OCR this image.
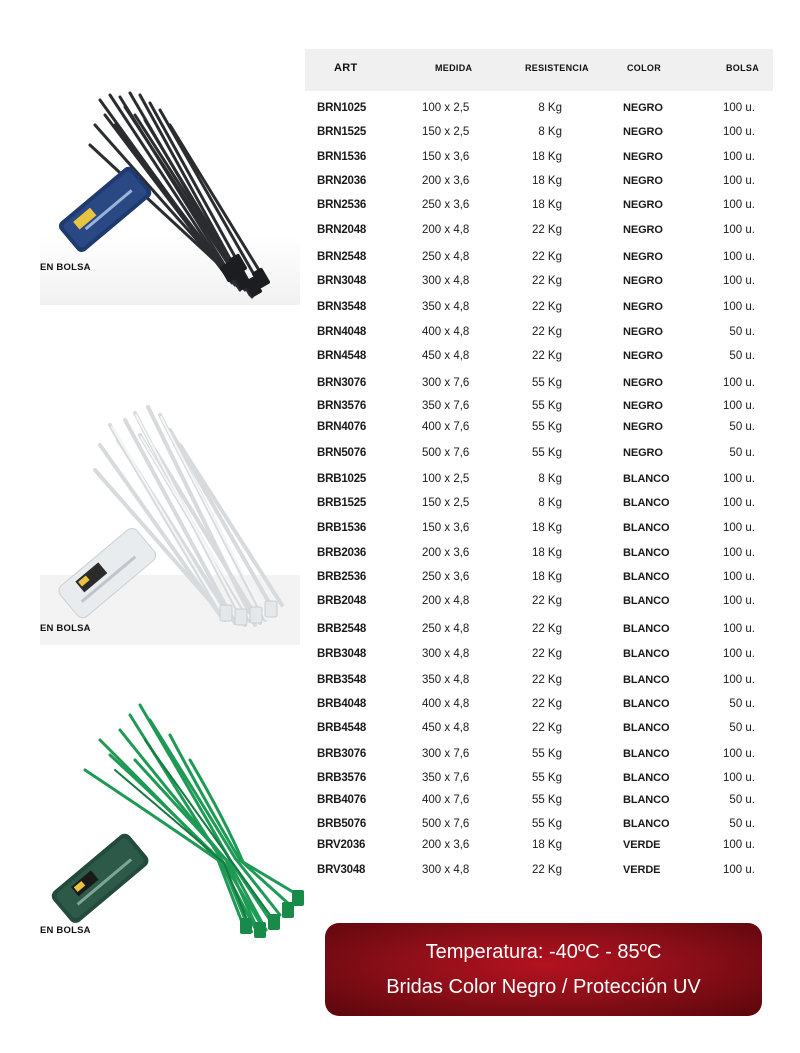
EN BOLSA
EN BOLSA
EN BOLSA
ART	MEDIDA	RESISTENCIA	COLOR	BOLSA
BRN1025	100 x 2,5	8 Kg	NEGRO	100 u.
BRN1525	150 x 2,5	8 Kg	NEGRO	100 u.
BRN1536	150 x 3,6	18 Kg	NEGRO	100 u.
BRN2036	200 x 3,6	18 Kg	NEGRO	100 u.
BRN2536	250 x 3,6	18 Kg	NEGRO	100 u.
BRN2048	200 x 4,8	22 Kg	NEGRO	100 u.
BRN2548	250 x 4,8	22 Kg	NEGRO	100 u.
BRN3048	300 x 4,8	22 Kg	NEGRO	100 u.
BRN3548	350 x 4,8	22 Kg	NEGRO	100 u.
BRN4048	400 x 4,8	22 Kg	NEGRO	50 u.
BRN4548	450 x 4,8	22 Kg	NEGRO	50 u.
BRN3076	300 x 7,6	55 Kg	NEGRO	100 u.
BRN3576	350 x 7,6	55 Kg	NEGRO	100 u.
BRN4076	400 x 7,6	55 Kg	NEGRO	50 u.
BRN5076	500 x 7,6	55 Kg	NEGRO	50 u.
BRB1025	100 x 2,5	8 Kg	BLANCO	100 u.
BRB1525	150 x 2,5	8 Kg	BLANCO	100 u.
BRB1536	150 x 3,6	18 Kg	BLANCO	100 u.
BRB2036	200 x 3,6	18 Kg	BLANCO	100 u.
BRB2536	250 x 3,6	18 Kg	BLANCO	100 u.
BRB2048	200 x 4,8	22 Kg	BLANCO	100 u.
BRB2548	250 x 4,8	22 Kg	BLANCO	100 u.
BRB3048	300 x 4,8	22 Kg	BLANCO	100 u.
BRB3548	350 x 4,8	22 Kg	BLANCO	100 u.
BRB4048	400 x 4,8	22 Kg	BLANCO	50 u.
BRB4548	450 x 4,8	22 Kg	BLANCO	50 u.
BRB3076	300 x 7,6	55 Kg	BLANCO	100 u.
BRB3576	350 x 7,6	55 Kg	BLANCO	100 u.
BRB4076	400 x 7,6	55 Kg	BLANCO	50 u.
BRB5076	500 x 7,6	55 Kg	BLANCO	50 u.
BRV2036	200 x 3,6	18 Kg	VERDE	100 u.
BRV3048	300 x 4,8	22 Kg	VERDE	100 u.
Temperatura: -40ºC - 85ºC
Bridas Color Negro / Protección UV
